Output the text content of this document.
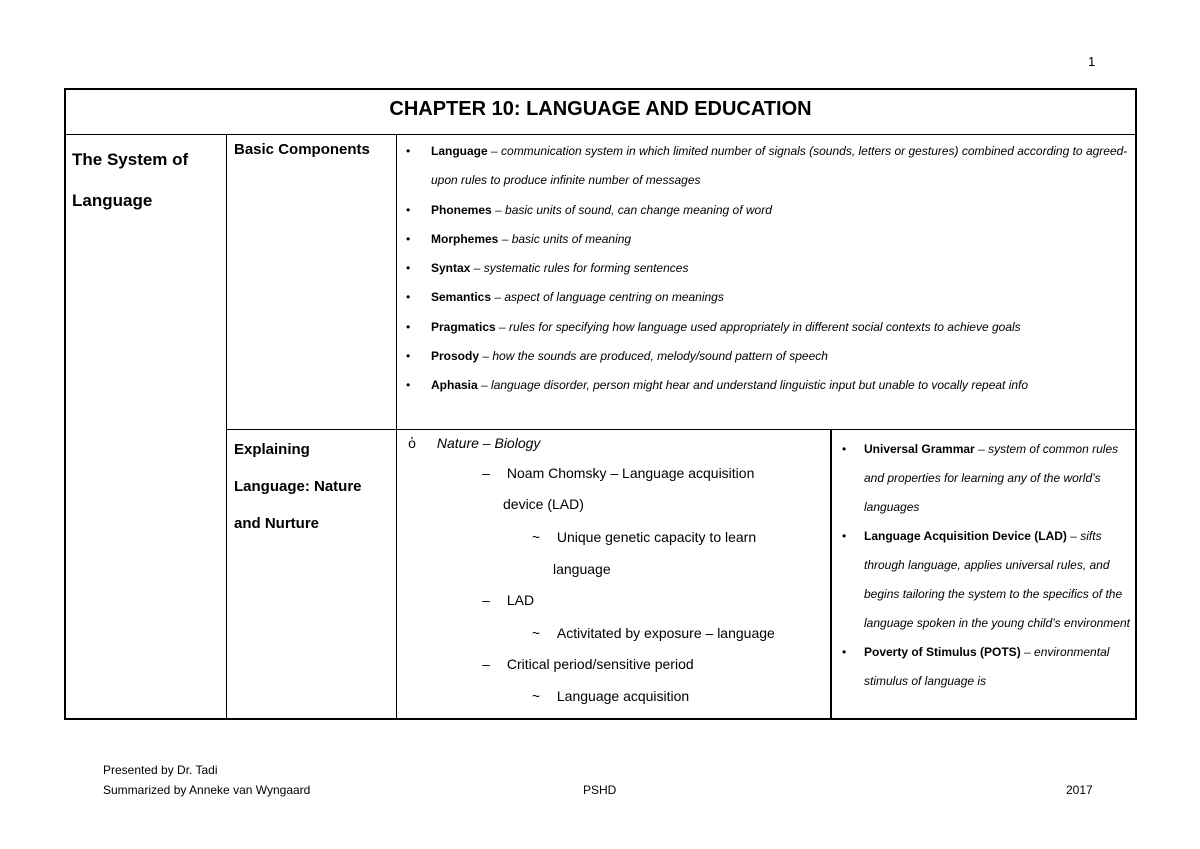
1
CHAPTER 10: LANGUAGE AND EDUCATION
The System of
Language
Basic Components
•	Language – communication system in which limited number of signals (sounds, letters or gestures) combined according to agreed-upon rules to produce infinite number of messages
• Phonemes – basic units of sound, can change meaning of word
• Morphemes – basic units of meaning
• Syntax – systematic rules for forming sentences
• Semantics – aspect of language centring on meanings
• Pragmatics – rules for specifying how language used appropriately in different social contexts to achieve goals
• Prosody – how the sounds are produced, melody/sound pattern of speech
• Aphasia – language disorder, person might hear and understand linguistic input but unable to vocally repeat info
Explaining
Language: Nature
and Nurture
ὁ Nature – Biology
– Noam Chomsky – Language acquisition
device (LAD)
~ Unique genetic capacity to learn
language
– LAD
~ Activitated by exposure – language
– Critical period/sensitive period
~ Language acquisition
• Universal Grammar – system of common rules and properties for learning any of the world’s languages
• Language Acquisition Device (LAD) – sifts through language, applies universal rules, and begins tailoring the system to the specifics of the language spoken in the young child’s environment
• Poverty of Stimulus (POTS) – environmental stimulus of language is
Presented by Dr. Tadi
Summarized by Anneke van Wyngaard	PSHD	2017
